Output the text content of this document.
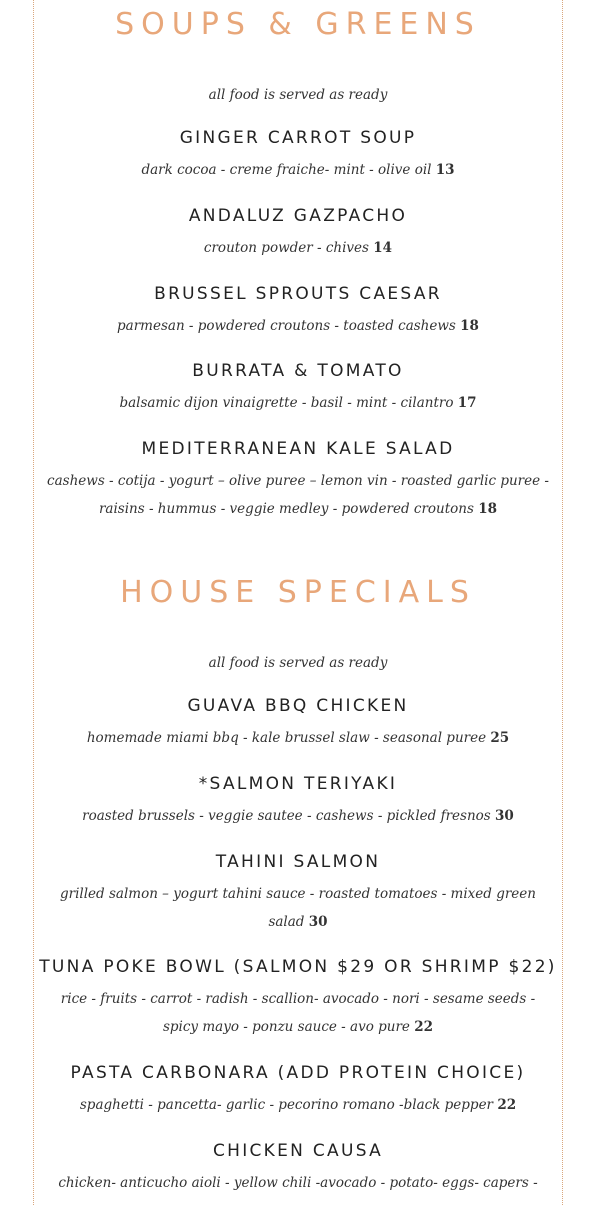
SOUPS & GREENS
all food is served as ready
GINGER CARROT SOUP
dark cocoa - creme fraiche- mint - olive oil 13
ANDALUZ GAZPACHO
crouton powder - chives 14
BRUSSEL SPROUTS CAESAR
parmesan - powdered croutons - toasted cashews 18
BURRATA & TOMATO
balsamic dijon vinaigrette - basil - mint - cilantro 17
MEDITERRANEAN KALE SALAD
cashews - cotija - yogurt – olive puree – lemon vin - roasted garlic puree - raisins - hummus - veggie medley - powdered croutons 18
HOUSE SPECIALS
all food is served as ready
GUAVA BBQ CHICKEN
homemade miami bbq - kale brussel slaw - seasonal puree 25
*SALMON TERIYAKI
roasted brussels - veggie sautee - cashews - pickled fresnos 30
TAHINI SALMON
grilled salmon – yogurt tahini sauce - roasted tomatoes - mixed green salad 30
TUNA POKE BOWL (SALMON $29 OR SHRIMP $22)
rice - fruits - carrot - radish - scallion- avocado - nori - sesame seeds - spicy mayo - ponzu sauce - avo pure 22
PASTA CARBONARA (ADD PROTEIN CHOICE)
spaghetti - pancetta- garlic - pecorino romano -black pepper 22
CHICKEN CAUSA
chicken- anticucho aioli - yellow chili -avocado - potato- eggs- capers -
